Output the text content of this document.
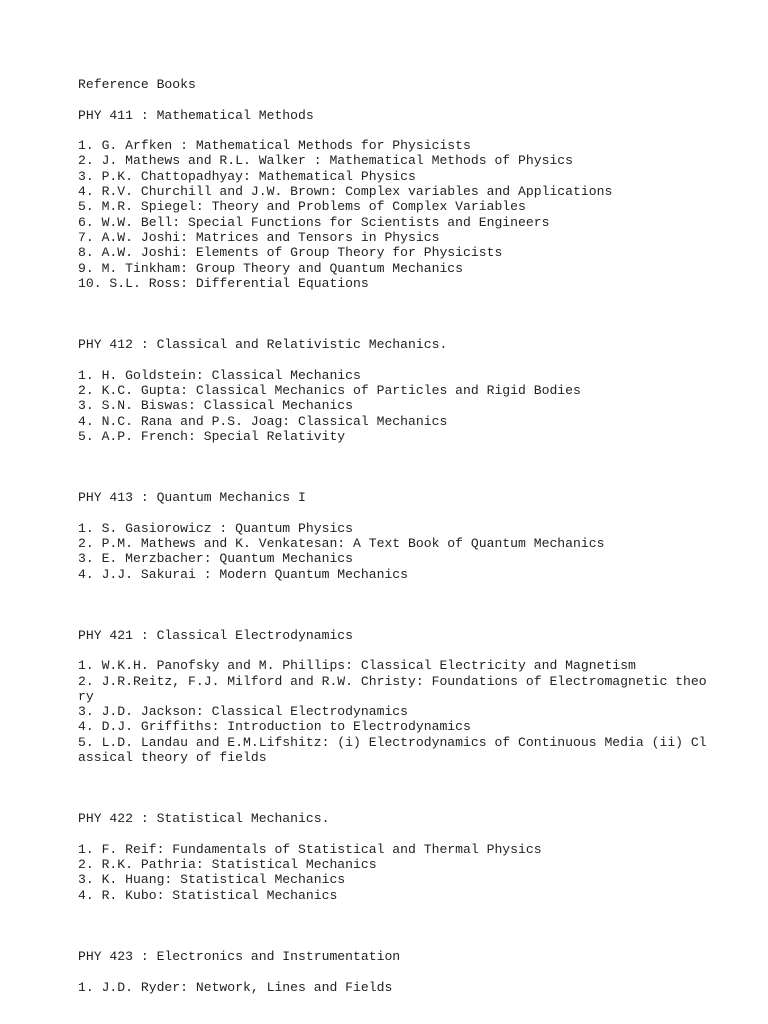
Reference Books
PHY 411 : Mathematical Methods
1. G. Arfken : Mathematical Methods for Physicists
2. J. Mathews and R.L. Walker : Mathematical Methods of Physics
3. P.K. Chattopadhyay: Mathematical Physics
4. R.V. Churchill and J.W. Brown: Complex variables and Applications
5. M.R. Spiegel: Theory and Problems of Complex Variables
6. W.W. Bell: Special Functions for Scientists and Engineers
7. A.W. Joshi: Matrices and Tensors in Physics
8. A.W. Joshi: Elements of Group Theory for Physicists
9. M. Tinkham: Group Theory and Quantum Mechanics
10. S.L. Ross: Differential Equations
PHY 412 : Classical and Relativistic Mechanics.
1. H. Goldstein: Classical Mechanics
2. K.C. Gupta: Classical Mechanics of Particles and Rigid Bodies
3. S.N. Biswas: Classical Mechanics
4. N.C. Rana and P.S. Joag: Classical Mechanics
5. A.P. French: Special Relativity
PHY 413 : Quantum Mechanics I
1. S. Gasiorowicz : Quantum Physics
2. P.M. Mathews and K. Venkatesan: A Text Book of Quantum Mechanics
3. E. Merzbacher: Quantum Mechanics
4. J.J. Sakurai : Modern Quantum Mechanics
PHY 421 : Classical Electrodynamics
1. W.K.H. Panofsky and M. Phillips: Classical Electricity and Magnetism
2. J.R.Reitz, F.J. Milford and R.W. Christy: Foundations of Electromagnetic theo
ry
3. J.D. Jackson: Classical Electrodynamics
4. D.J. Griffiths: Introduction to Electrodynamics
5. L.D. Landau and E.M.Lifshitz: (i) Electrodynamics of Continuous Media (ii) Cl
assical theory of fields
PHY 422 : Statistical Mechanics.
1. F. Reif: Fundamentals of Statistical and Thermal Physics
2. R.K. Pathria: Statistical Mechanics
3. K. Huang: Statistical Mechanics
4. R. Kubo: Statistical Mechanics
PHY 423 : Electronics and Instrumentation
1. J.D. Ryder: Network, Lines and Fields
